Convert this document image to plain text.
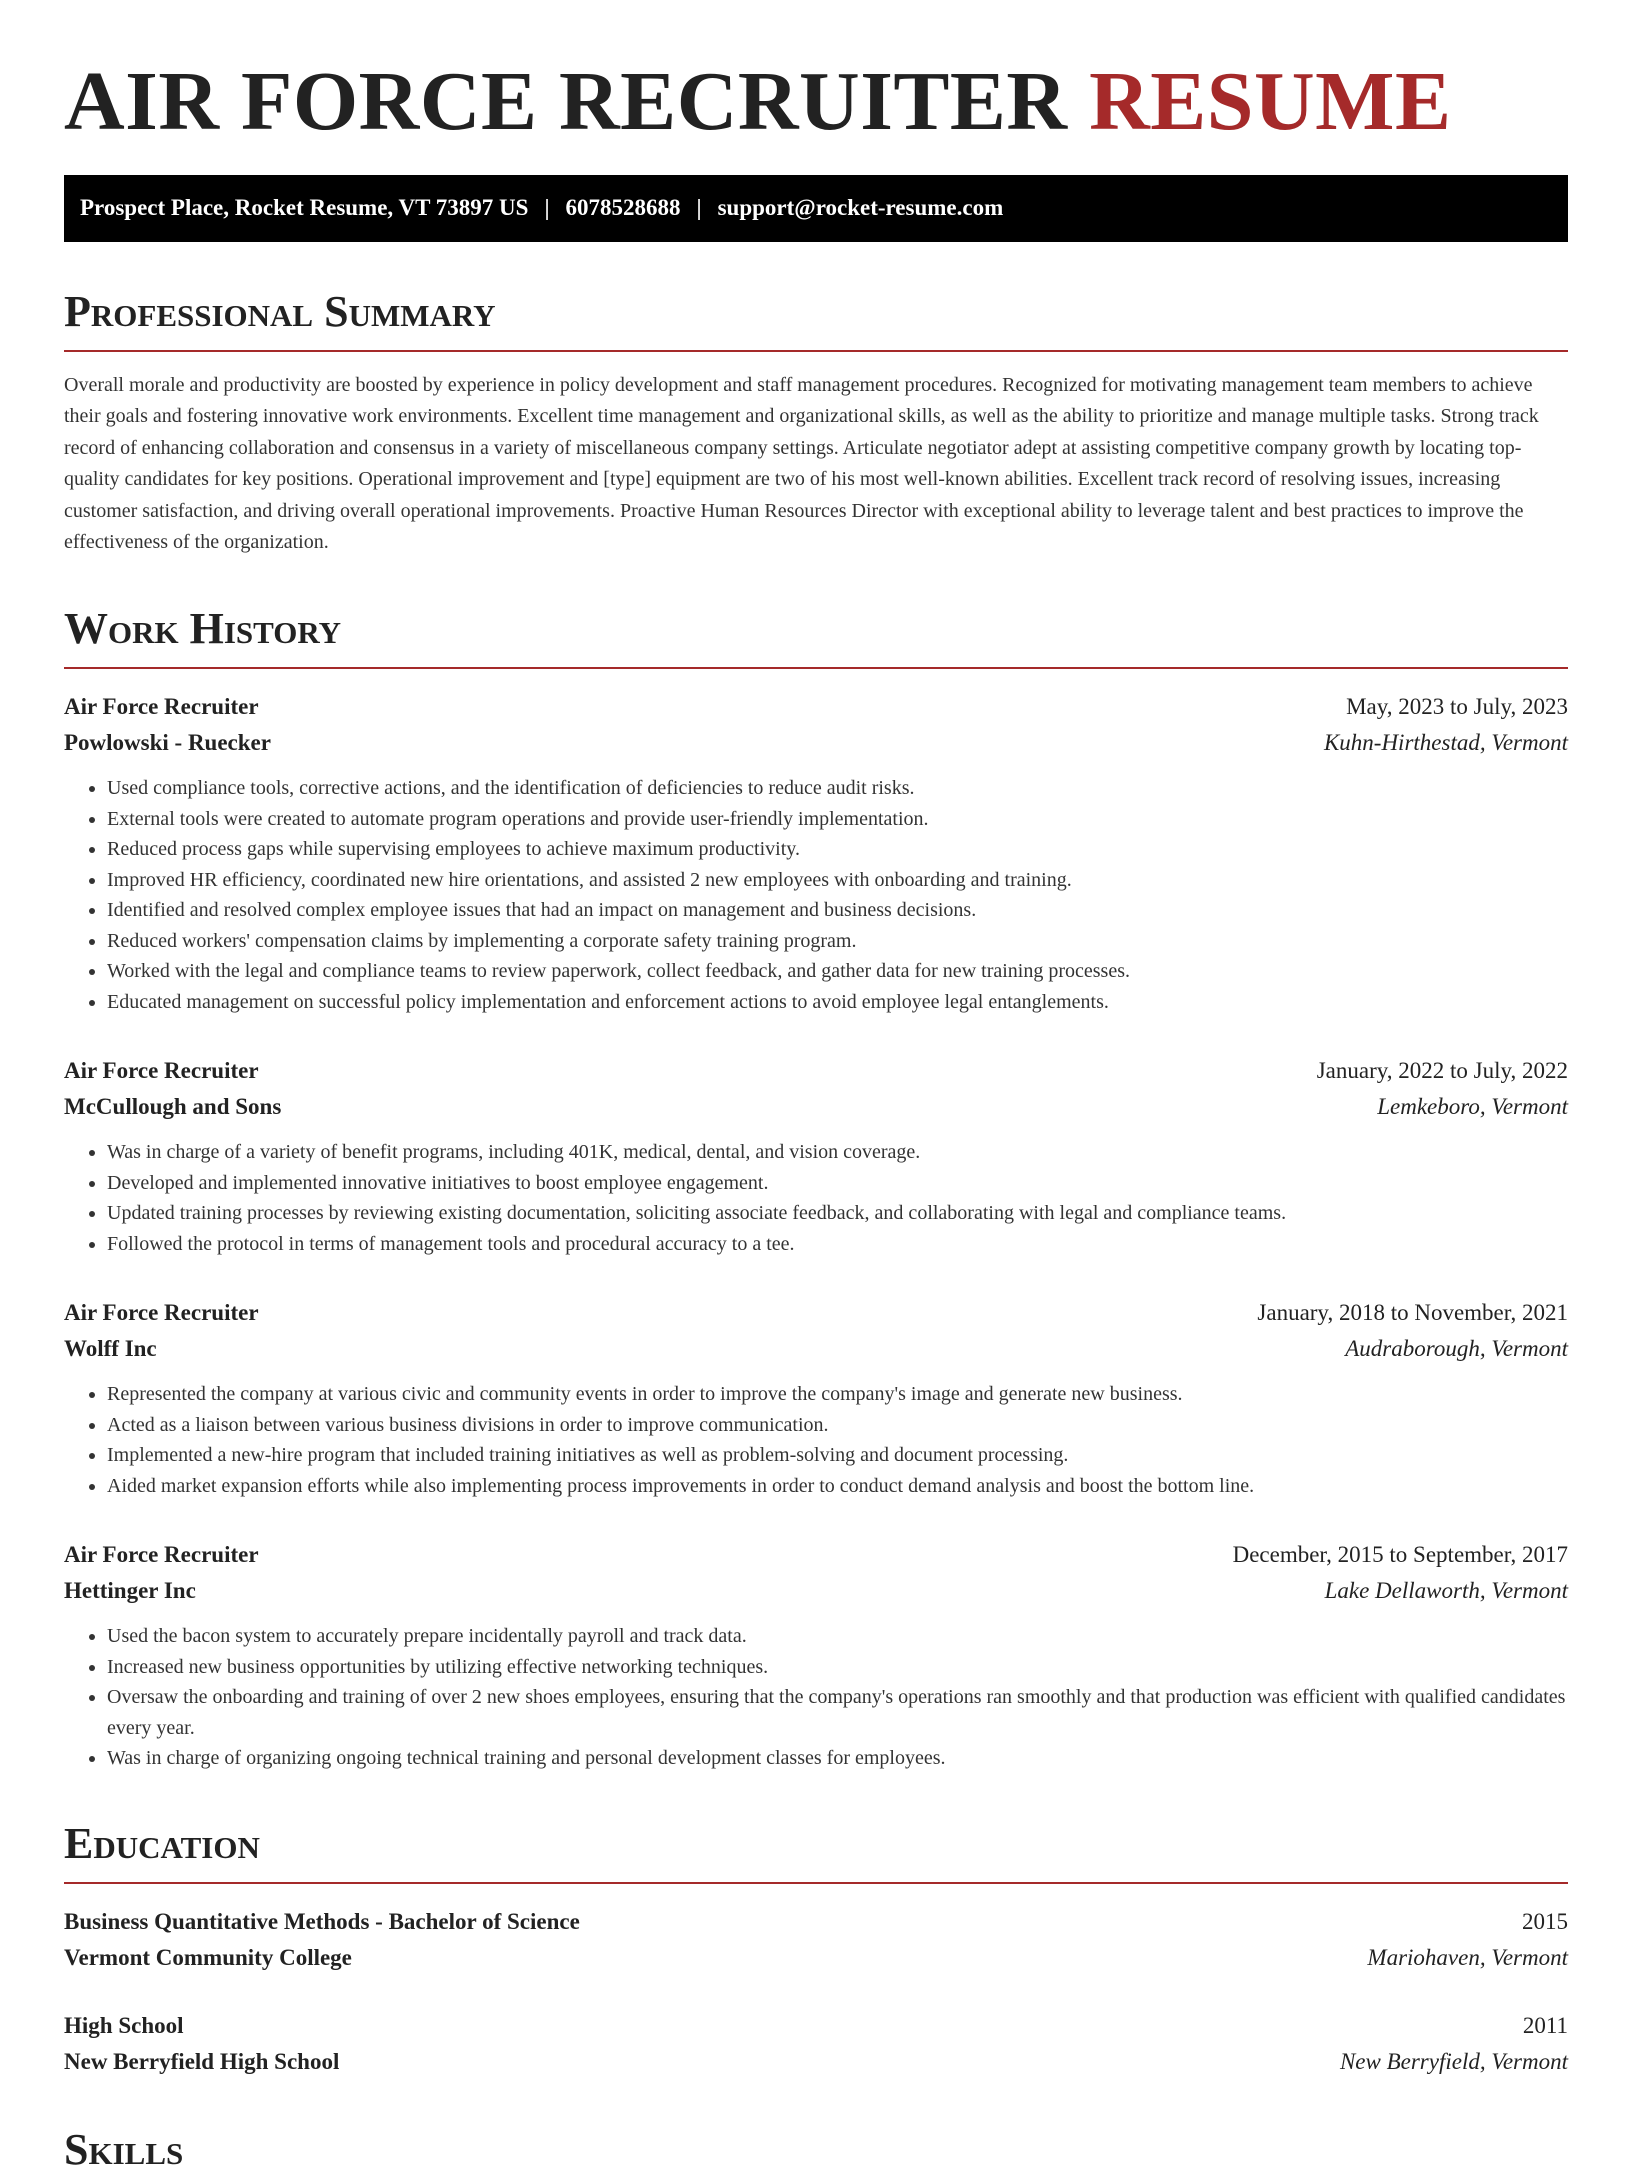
AIR FORCE RECRUITER RESUME
Prospect Place, Rocket Resume, VT 73897 US | 6078528688 | support@rocket-resume.com
Professional Summary

Overall morale and productivity are boosted by experience in policy development and staff management procedures. Recognized for motivating management team members to achieve their goals and fostering innovative work environments. Excellent time management and organizational skills, as well as the ability to prioritize and manage multiple tasks. Strong track record of enhancing collaboration and consensus in a variety of miscellaneous company settings. Articulate negotiator adept at assisting competitive company growth by locating top-quality candidates for key positions. Operational improvement and [type] equipment are two of his most well-known abilities. Excellent track record of resolving issues, increasing customer satisfaction, and driving overall operational improvements. Proactive Human Resources Director with exceptional ability to leverage talent and best practices to improve the effectiveness of the organization.

Work History
Air Force Recruiter	May, 2023 to July, 2023
Powlowski - Ruecker	Kuhn-Hirthestad, Vermont
• Used compliance tools, corrective actions, and the identification of deficiencies to reduce audit risks.
• External tools were created to automate program operations and provide user-friendly implementation.
• Reduced process gaps while supervising employees to achieve maximum productivity.
• Improved HR efficiency, coordinated new hire orientations, and assisted 2 new employees with onboarding and training.
• Identified and resolved complex employee issues that had an impact on management and business decisions.
• Reduced workers' compensation claims by implementing a corporate safety training program.
• Worked with the legal and compliance teams to review paperwork, collect feedback, and gather data for new training processes.
• Educated management on successful policy implementation and enforcement actions to avoid employee legal entanglements.
Air Force Recruiter	January, 2022 to July, 2022
McCullough and Sons	Lemkeboro, Vermont
• Was in charge of a variety of benefit programs, including 401K, medical, dental, and vision coverage.
• Developed and implemented innovative initiatives to boost employee engagement.
• Updated training processes by reviewing existing documentation, soliciting associate feedback, and collaborating with legal and compliance teams.
• Followed the protocol in terms of management tools and procedural accuracy to a tee.
Air Force Recruiter	January, 2018 to November, 2021
Wolff Inc	Audraborough, Vermont
• Represented the company at various civic and community events in order to improve the company's image and generate new business.
• Acted as a liaison between various business divisions in order to improve communication.
• Implemented a new-hire program that included training initiatives as well as problem-solving and document processing.
• Aided market expansion efforts while also implementing process improvements in order to conduct demand analysis and boost the bottom line.
Air Force Recruiter	December, 2015 to September, 2017
Hettinger Inc	Lake Dellaworth, Vermont
• Used the bacon system to accurately prepare incidentally payroll and track data.
• Increased new business opportunities by utilizing effective networking techniques.
• Oversaw the onboarding and training of over 2 new shoes employees, ensuring that the company's operations ran smoothly and that production was efficient with qualified candidates every year.
• Was in charge of organizing ongoing technical training and personal development classes for employees.
Education
Business Quantitative Methods - Bachelor of Science	2015
Vermont Community College	Mariohaven, Vermont
High School	2011
New Berryfield High School	New Berryfield, Vermont
Skills
